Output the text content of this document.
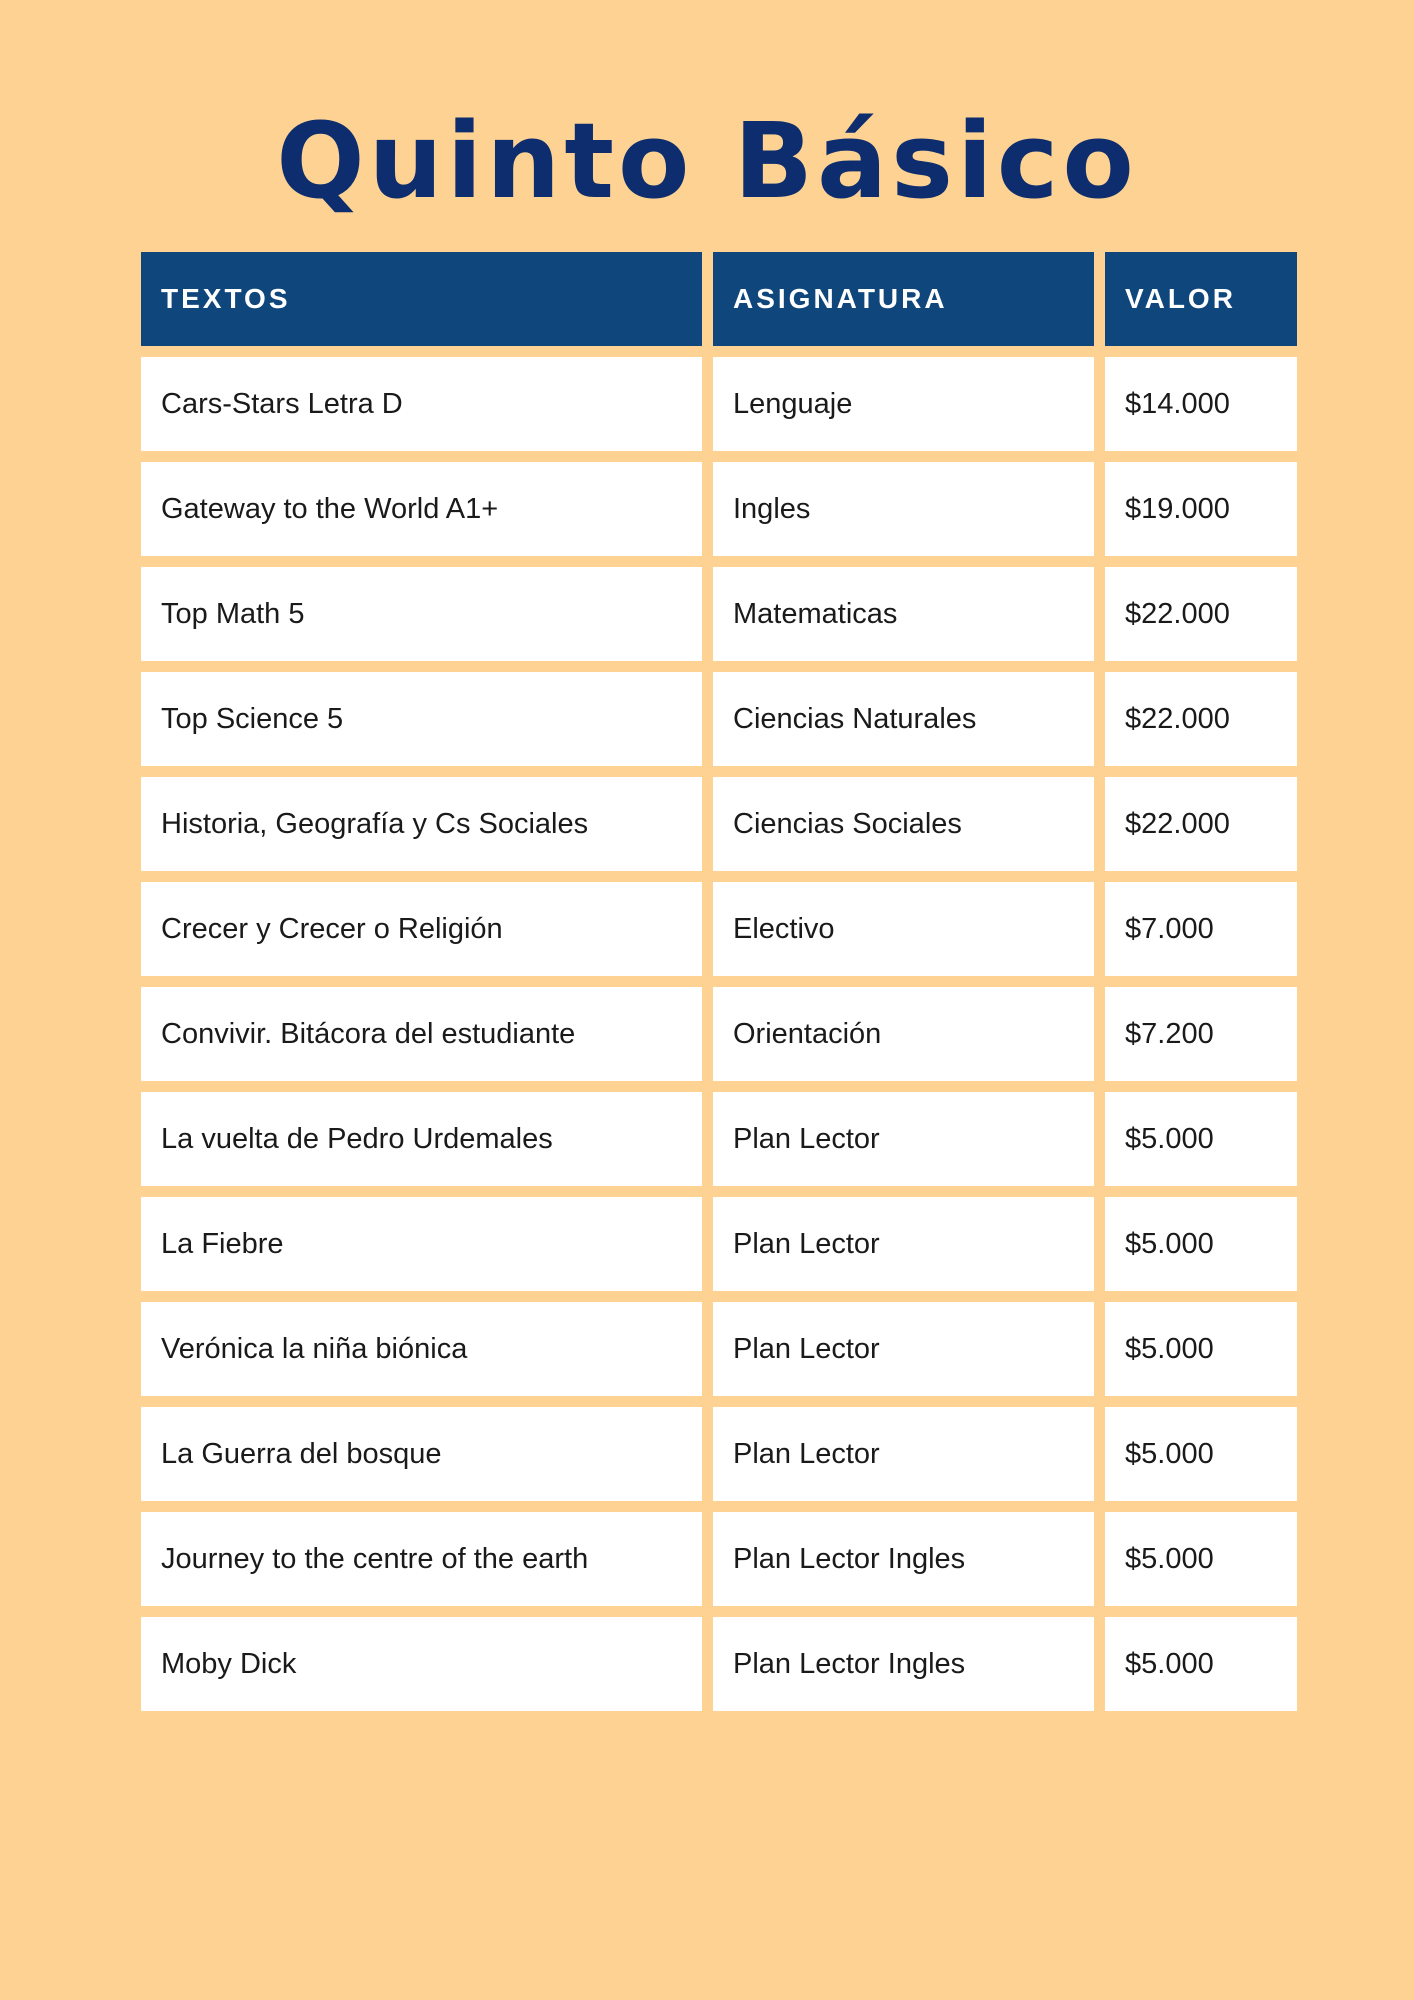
Quinto Básico
TEXTOS	ASIGNATURA	VALOR
Cars-Stars Letra D	Lenguaje	$14.000
Gateway to the World A1+	Ingles	$19.000
Top Math 5	Matematicas	$22.000
Top Science 5	Ciencias Naturales	$22.000
Historia, Geografía y Cs Sociales	Ciencias Sociales	$22.000
Crecer y Crecer o Religión	Electivo	$7.000
Convivir. Bitácora del estudiante	Orientación	$7.200
La vuelta de Pedro Urdemales	Plan Lector	$5.000
La Fiebre	Plan Lector	$5.000
Verónica la niña biónica	Plan Lector	$5.000
La Guerra del bosque	Plan Lector	$5.000
Journey to the centre of the earth	Plan Lector Ingles	$5.000
Moby Dick	Plan Lector Ingles	$5.000
